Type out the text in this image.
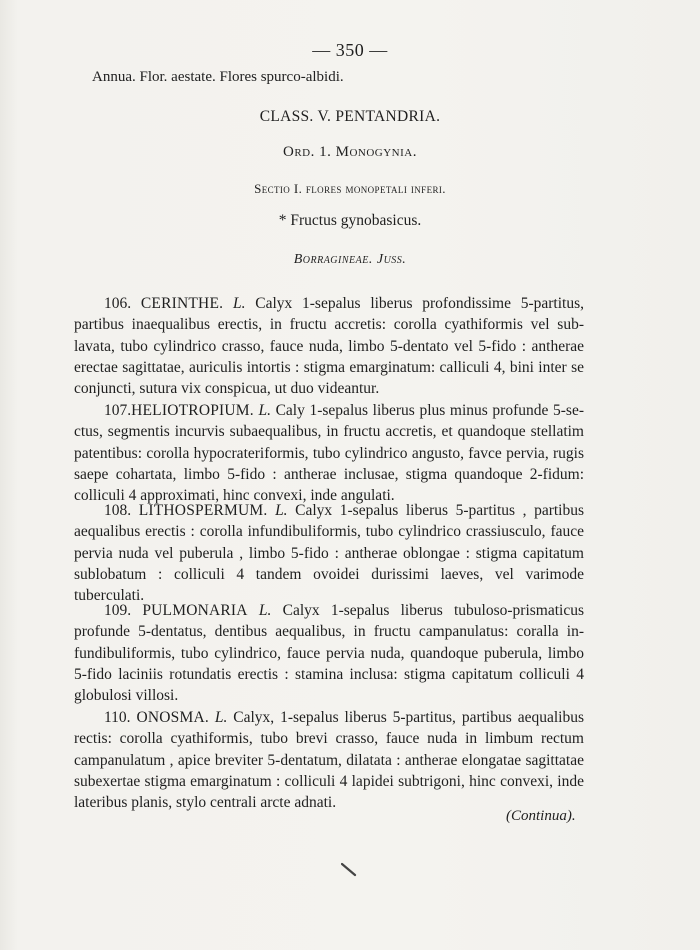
— 350 —
Annua. Flor. aestate. Flores spurco-albidi.
CLASS. V. PENTANDRIA.
Ord. 1. Monogynia.
Sectio I. flores monopetali inferi.
* Fructus gynobasicus.
Borragineae. Juss.

106. CERINTHE. L. Calyx 1-sepalus liberus profondissime 5-partitus, partibus inaequalibus erectis, in fructu accretis: corolla cyathiformis vel sublavata, tubo cylindrico crasso, fauce nuda, limbo 5-dentato vel 5-fido : antherae erectae sagittatae, auriculis intortis : stigma emarginatum: calliculi 4, bini inter se conjuncti, sutura vix conspicua, ut duo videantur.

107.HELIOTROPIUM. L. Caly 1-sepalus liberus plus minus profunde 5-sectus, segmentis incurvis subaequalibus, in fructu accretis, et quandoque stellatim patentibus: corolla hypocrateriformis, tubo cylindrico angusto, favce pervia, rugis saepe cohartata, limbo 5-fido : antherae inclusae, stigma quandoque 2-fidum: colliculi 4 approximati, hinc convexi, inde angulati.

108. LITHOSPERMUM. L. Calyx 1-sepalus liberus 5-partitus , partibus aequalibus erectis : corolla infundibuliformis, tubo cylindrico crassiusculo, fauce pervia nuda vel puberula , limbo 5-fido : antherae oblongae : stigma capitatum sublobatum : colliculi 4 tandem ovoidei durissimi laeves, vel varimode tuberculati.

109. PULMONARIA L. Calyx 1-sepalus liberus tubuloso-prismaticus profunde 5-dentatus, dentibus aequalibus, in fructu campanulatus: coralla infundibuliformis, tubo cylindrico, fauce pervia nuda, quandoque puberula, limbo 5-fido laciniis rotundatis erectis : stamina inclusa: stigma capitatum colliculi 4 globulosi villosi.

110. ONOSMA. L. Calyx, 1-sepalus liberus 5-partitus, partibus aequalibus rectis: corolla cyathiformis, tubo brevi crasso, fauce nuda in limbum rectum campanulatum , apice breviter 5-dentatum, dilatata : antherae elongatae sagittatae subexertae stigma emarginatum : colliculi 4 lapidei subtrigoni, hinc convexi, inde lateribus planis, stylo centrali arcte adnati.

(Continua).
